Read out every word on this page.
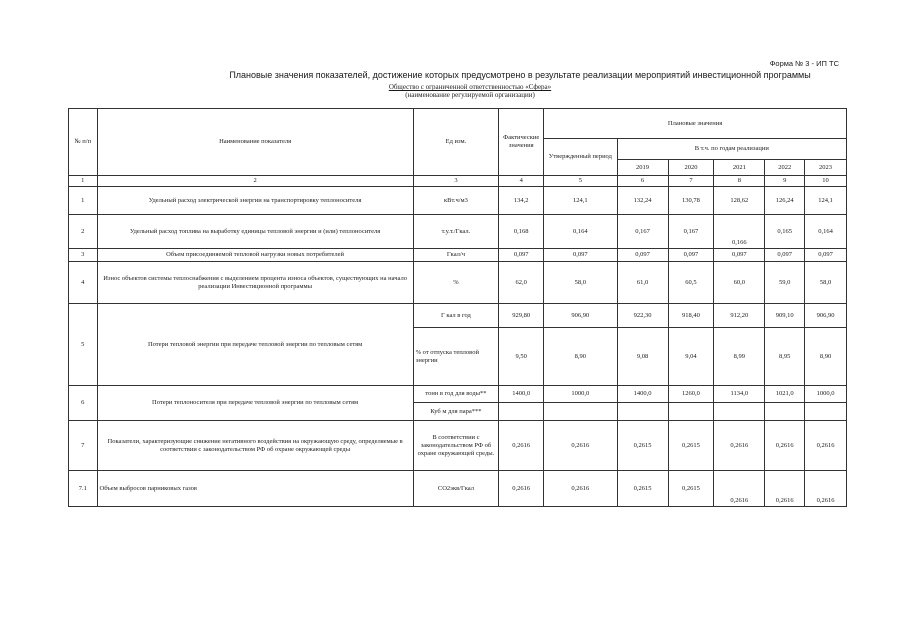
Форма № 3 - ИП ТС
Плановые значения показателей, достижение которых предусмотрено в результате реализации мероприятий инвестиционной программы
Общество с ограниченной ответственностью «Сфера»
(наименование регулируемой организации)
№ п/п	Наименование показателя	Ед изм.	Фактические значения	Плановые значения					
				Утвержденный период	В т.ч. по годам реализации				
					2019	2020	2021	2022	2023
1	2	3	4	5	6	7	8	9	10
1	Удельный расход электрической энергии на транспортировку теплоносителя	кВт.ч/м3	134,2	124,1	132,24	130,78	128,62	126,24	124,1
2	Удельный расход топлива на выработку единицы тепловой энергии и (или) теплоносителя	т.у.т./Гкал.	0,168	0,164	0,167	0,167	0,166	0,165	0,164
3	Объем присоединяемой тепловой нагрузки новых потребителей	Гкал/ч	0,097	0,097	0,097	0,097	0,097	0,097	0,097
4	Износ объектов системы теплоснабжения с выделением процента износа объектов, существующих на начало реализации Инвестиционной программы	%	62,0	58,0	61,0	60,5	60,0	59,0	58,0
5	Потери тепловой энергии при передаче тепловой энергии по тепловым сетям	Г кал в год	929,80	906,90	922,30	918,40	912,20	909,10	906,90
		% от отпуска тепловой энергии	9,50	8,90	9,08	9,04	8,99	8,95	8,90
6	Потери теплоносителя при передаче тепловой энергии по тепловым сетям	тонн в год для воды**	1400,0	1000,0	1400,0	1260,0	1134,0	1021,0	1000,0
		Куб м для пара***							
7	Показатели, характеризующие снижение негативного воздействия на окружающую среду, определяемые в соответствии с законодательством РФ об охране окружающей среды	В соответствии с законодательством РФ об охране окружающей среды.	0,2616	0,2616	0,2615	0,2615	0,2616	0,2616	0,2616
7.1	Объем выбросов парниковых газов	СО2экв/Гкал	0,2616	0,2616	0,2615	0,2615	0,2616	0,2616	0,2616
